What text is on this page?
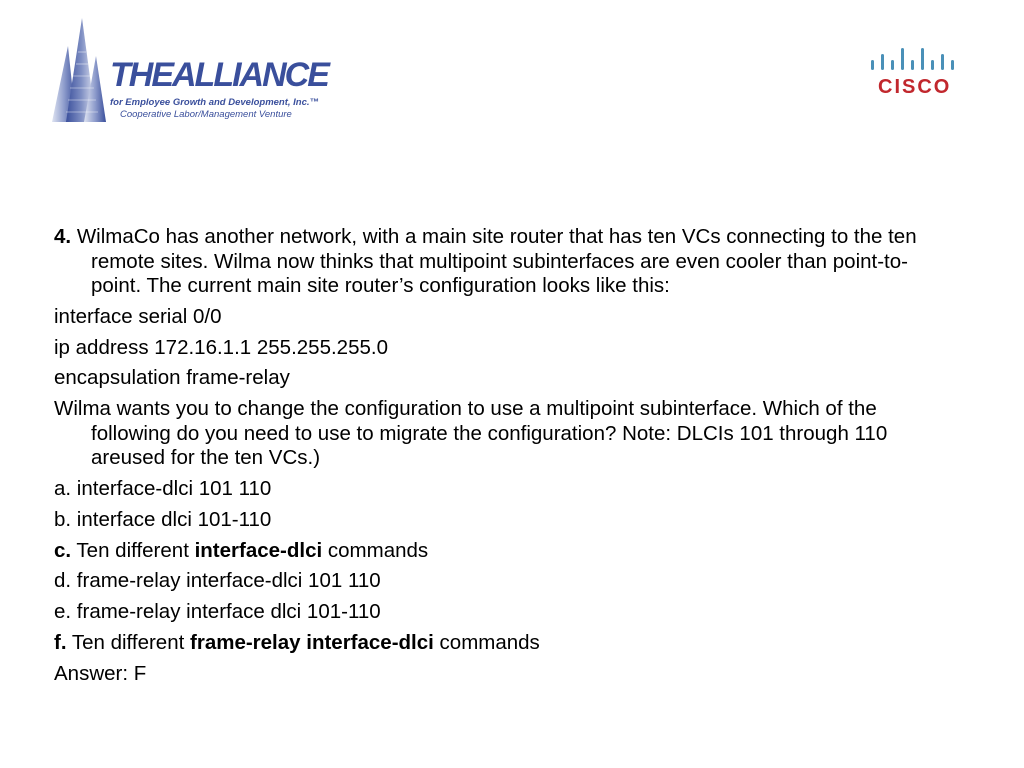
THEALLIANCE
for Employee Growth and Development, Inc.™
Cooperative Labor/Management Venture
CISCO

4. WilmaCo has another network, with a main site router that has ten VCs connecting to the ten remote sites. Wilma now thinks that multipoint subinterfaces are even cooler than point-to-point. The current main site router’s configuration looks like this:

interface serial 0/0

ip address 172.16.1.1 255.255.255.0

encapsulation frame-relay

Wilma wants you to change the configuration to use a multipoint subinterface. Which of the following do you need to use to migrate the configuration? Note: DLCIs 101 through 110 areused for the ten VCs.)

a. interface-dlci 101 110

b. interface dlci 101-110

c. Ten different interface-dlci commands

d. frame-relay interface-dlci 101 110

e. frame-relay interface dlci 101-110

f. Ten different frame-relay interface-dlci commands

Answer: F
